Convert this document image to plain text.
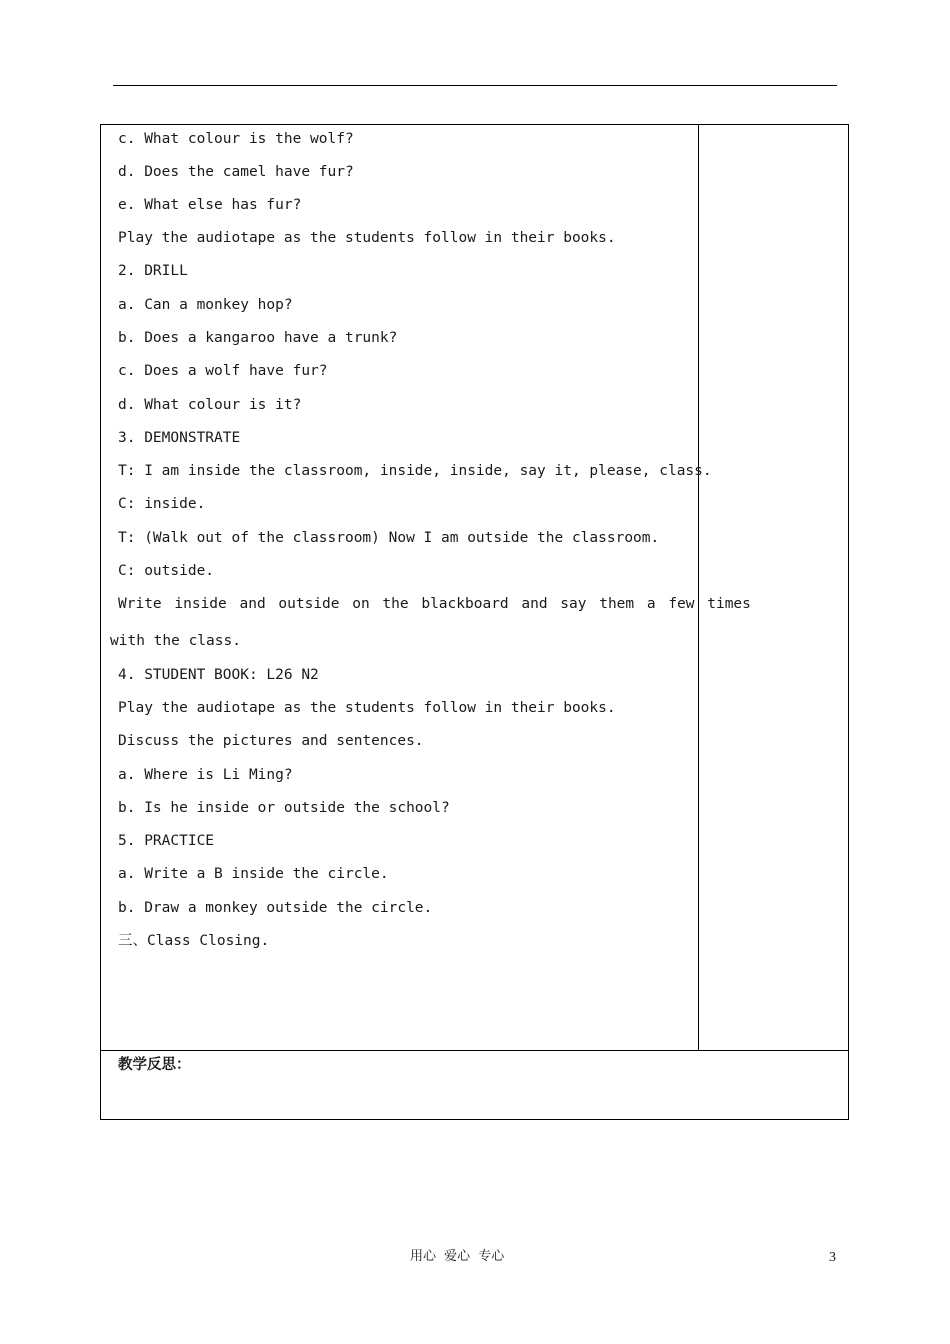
c. What colour is the wolf?
d. Does the camel have fur?
e. What else has fur?
Play the audiotape as the students follow in their books.
2. DRILL
a. Can a monkey hop?
b. Does a kangaroo have a trunk?
c. Does a wolf have fur?
d. What colour is it?
3. DEMONSTRATE
T: I am inside the classroom, inside, inside, say it, please, class.
C: inside.
T: (Walk out of the classroom) Now I am outside the classroom.
C: outside.
Write inside and outside on the blackboard and say them a few times
with the class.
4. STUDENT BOOK: L26 N2
Play the audiotape as the students follow in their books.
Discuss the pictures and sentences.
a. Where is Li Ming?
b. Is he inside or outside the school?
5. PRACTICE
a. Write a B inside the circle.
b. Draw a monkey outside the circle.
三、Class Closing.
教学反思：
用心 爱心 专心	3
